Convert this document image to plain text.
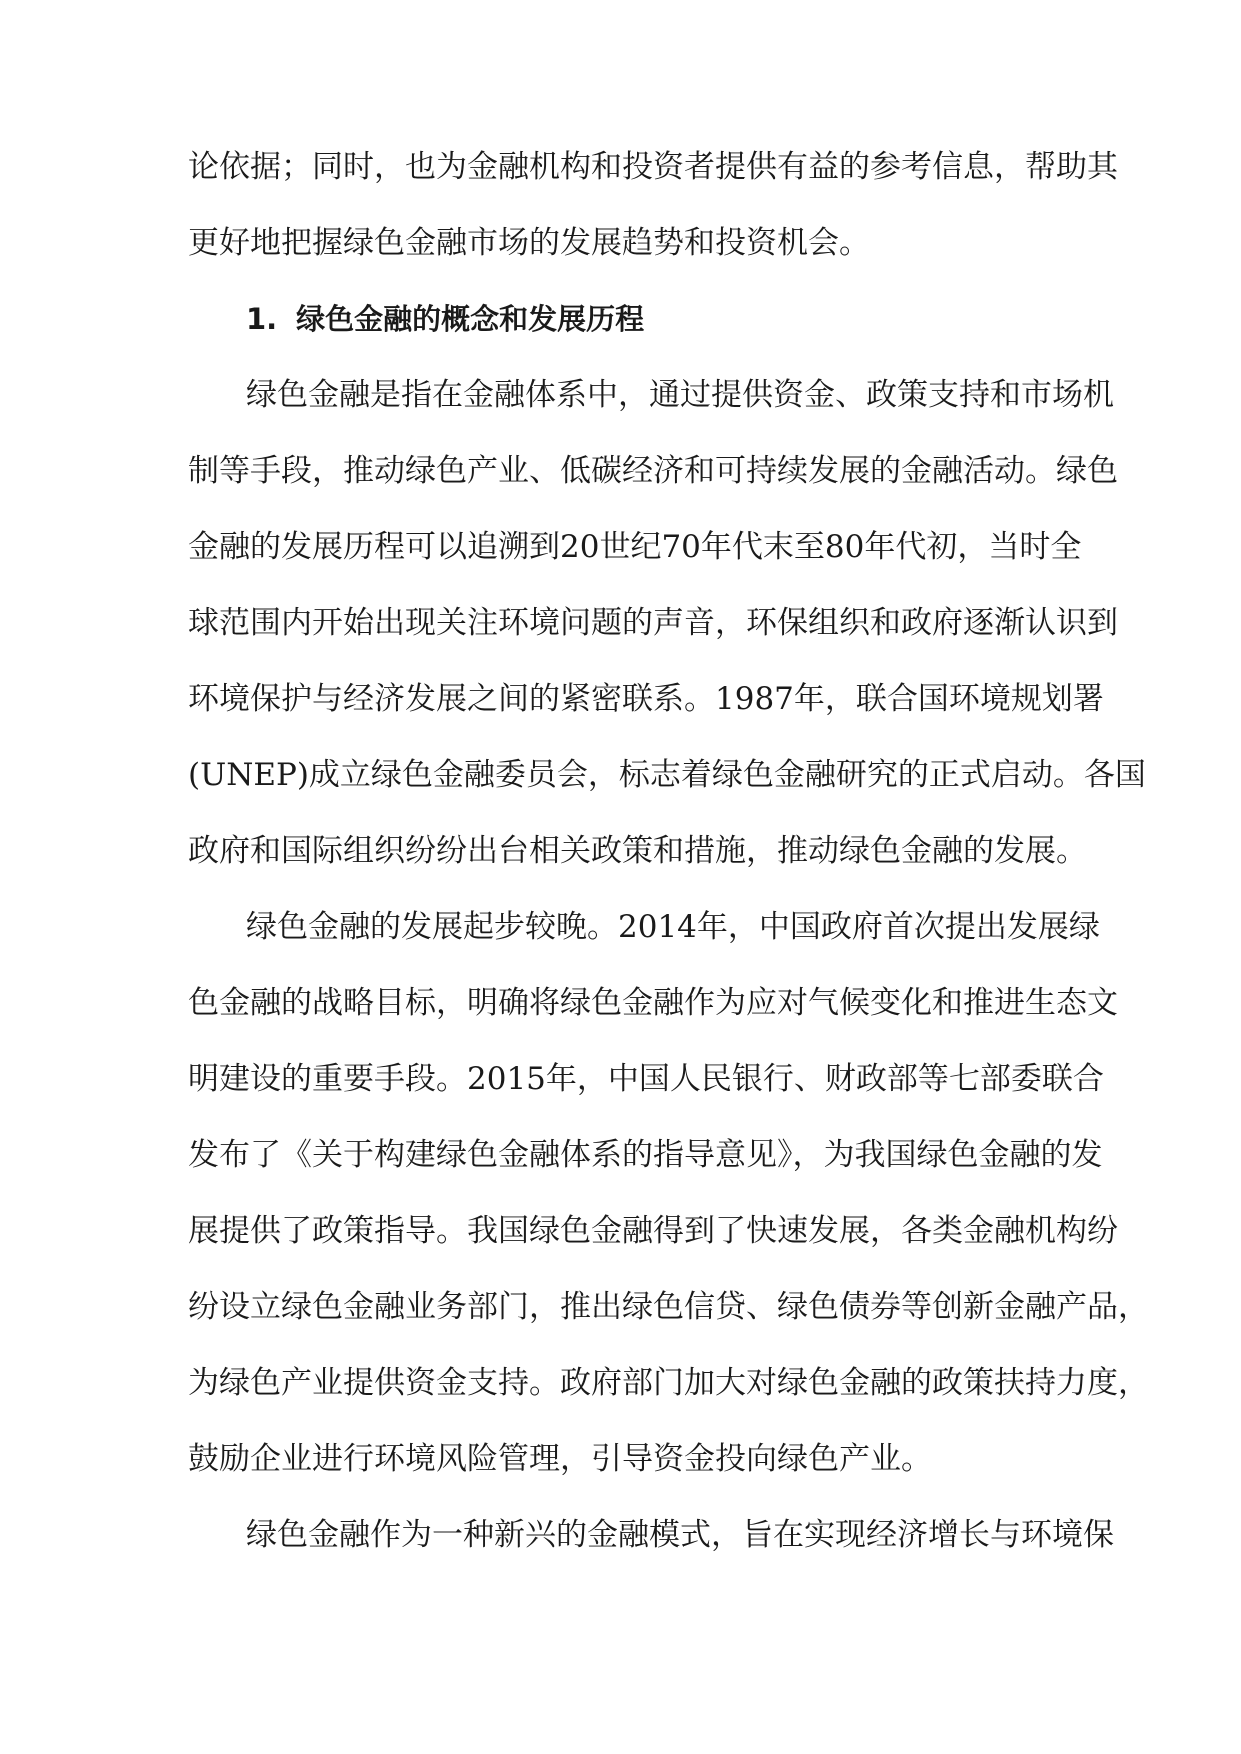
论依据；同时，也为金融机构和投资者提供有益的参考信息，帮助其
更好地把握绿色金融市场的发展趋势和投资机会。
1. 绿色金融的概念和发展历程
绿色金融是指在金融体系中，通过提供资金、政策支持和市场机
制等手段，推动绿色产业、低碳经济和可持续发展的金融活动。绿色
金融的发展历程可以追溯到20世纪70年代末至80年代初，当时全
球范围内开始出现关注环境问题的声音，环保组织和政府逐渐认识到
环境保护与经济发展之间的紧密联系。1987年，联合国环境规划署
(UNEP)成立绿色金融委员会，标志着绿色金融研究的正式启动。各国
政府和国际组织纷纷出台相关政策和措施，推动绿色金融的发展。
绿色金融的发展起步较晚。2014年，中国政府首次提出发展绿
色金融的战略目标，明确将绿色金融作为应对气候变化和推进生态文
明建设的重要手段。2015年，中国人民银行、财政部等七部委联合
发布了《关于构建绿色金融体系的指导意见》，为我国绿色金融的发
展提供了政策指导。我国绿色金融得到了快速发展，各类金融机构纷
纷设立绿色金融业务部门，推出绿色信贷、绿色债券等创新金融产品，
为绿色产业提供资金支持。政府部门加大对绿色金融的政策扶持力度，
鼓励企业进行环境风险管理，引导资金投向绿色产业。
绿色金融作为一种新兴的金融模式，旨在实现经济增长与环境保
